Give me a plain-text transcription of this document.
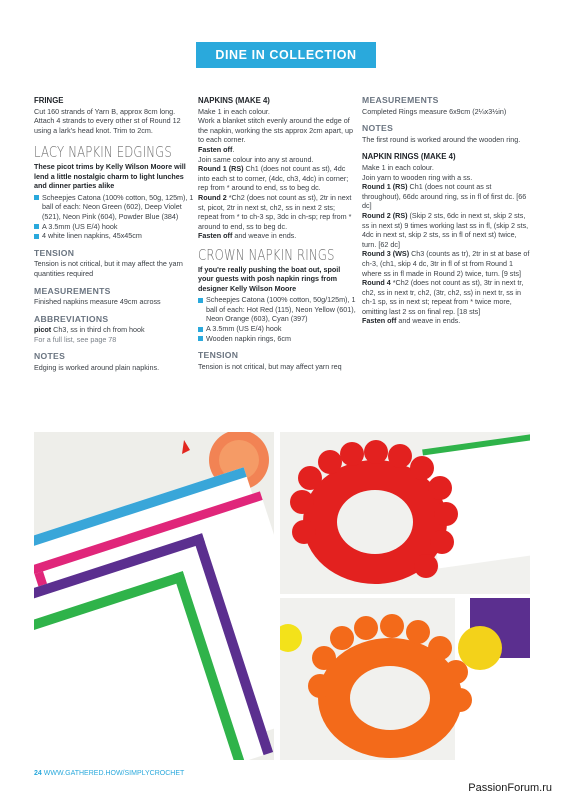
DINE IN COLLECTION
FRINGE

Cut 160 strands of Yarn B, approx 8cm long. Attach 4 strands to every other st of Round 12 using a lark's head knot. Trim to 2cm.

LACY NAPKIN EDGINGS

These picot trims by Kelly Wilson Moore will lend a little nostalgic charm to light lunches and dinner parties alike

Scheepjes Catona (100% cotton, 50g, 125m), 1 ball of each: Neon Green (602), Deep Violet (521), Neon Pink (604), Powder Blue (384)
A 3.5mm (US E/4) hook
4 white linen napkins, 45x45cm
TENSION

Tension is not critical, but it may affect the yarn quantities required

MEASUREMENTS

Finished napkins measure 49cm across

ABBREVIATIONS

picot Ch3, ss in third ch from hook

For a full list, see page 78

NOTES

Edging is worked around plain napkins.

NAPKINS (MAKE 4)

Make 1 in each colour.
Work a blanket stitch evenly around the edge of the napkin, working the sts approx 2cm apart, up to each corner.

Fasten off.

Join same colour into any st around.

Round 1 (RS) Ch1 (does not count as st), 4dc into each st to corner, (4dc, ch3, 4dc) in corner; rep from * around to end, ss to beg dc.

Round 2 *Ch2 (does not count as st), 2tr in next st, picot, 2tr in next st, ch2, ss in next 2 sts; repeat from * to ch-3 sp, 3dc in ch-sp; rep from * around to end, ss to beg dc.

Fasten off and weave in ends.

CROWN NAPKIN RINGS

If you're really pushing the boat out, spoil your guests with posh napkin rings from designer Kelly Wilson Moore

Scheepjes Catona (100% cotton, 50g/125m), 1 ball of each: Hot Red (115), Neon Yellow (601), Neon Orange (603), Cyan (397)
A 3.5mm (US E/4) hook
Wooden napkin rings, 6cm
TENSION

Tension is not critical, but may affect yarn req

MEASUREMENTS

Completed Rings measure 6x9cm (2¼x3½in)

NOTES

The first round is worked around the wooden ring.

NAPKIN RINGS (MAKE 4)

Make 1 in each colour.
Join yarn to wooden ring with a ss.

Round 1 (RS) Ch1 (does not count as st throughout), 66dc around ring, ss in fl of first dc. [66 dc]

Round 2 (RS) (Skip 2 sts, 6dc in next st, skip 2 sts, ss in next st) 9 times working last ss in fl, (skip 2 sts, 4dc in next st, skip 2 sts, ss in fl of next st) twice, turn. [62 dc]

Round 3 (WS) Ch3 (counts as tr), 2tr in st at base of ch-3, (ch1, skip 4 dc, 3tr in fl of st from Round 1 where ss in fl made in Round 2) twice, turn. [9 sts]

Round 4 *Ch2 (does not count as st), 3tr in next tr, ch2, ss in next tr, ch2, (3tr, ch2, ss) in next tr, ss in ch-1 sp, ss in next st; repeat from * twice more, omitting last 2 ss on final rep. [18 sts]

Fasten off and weave in ends.

24 WWW.GATHERED.HOW/SIMPLYCROCHET
PassionForum.ru
